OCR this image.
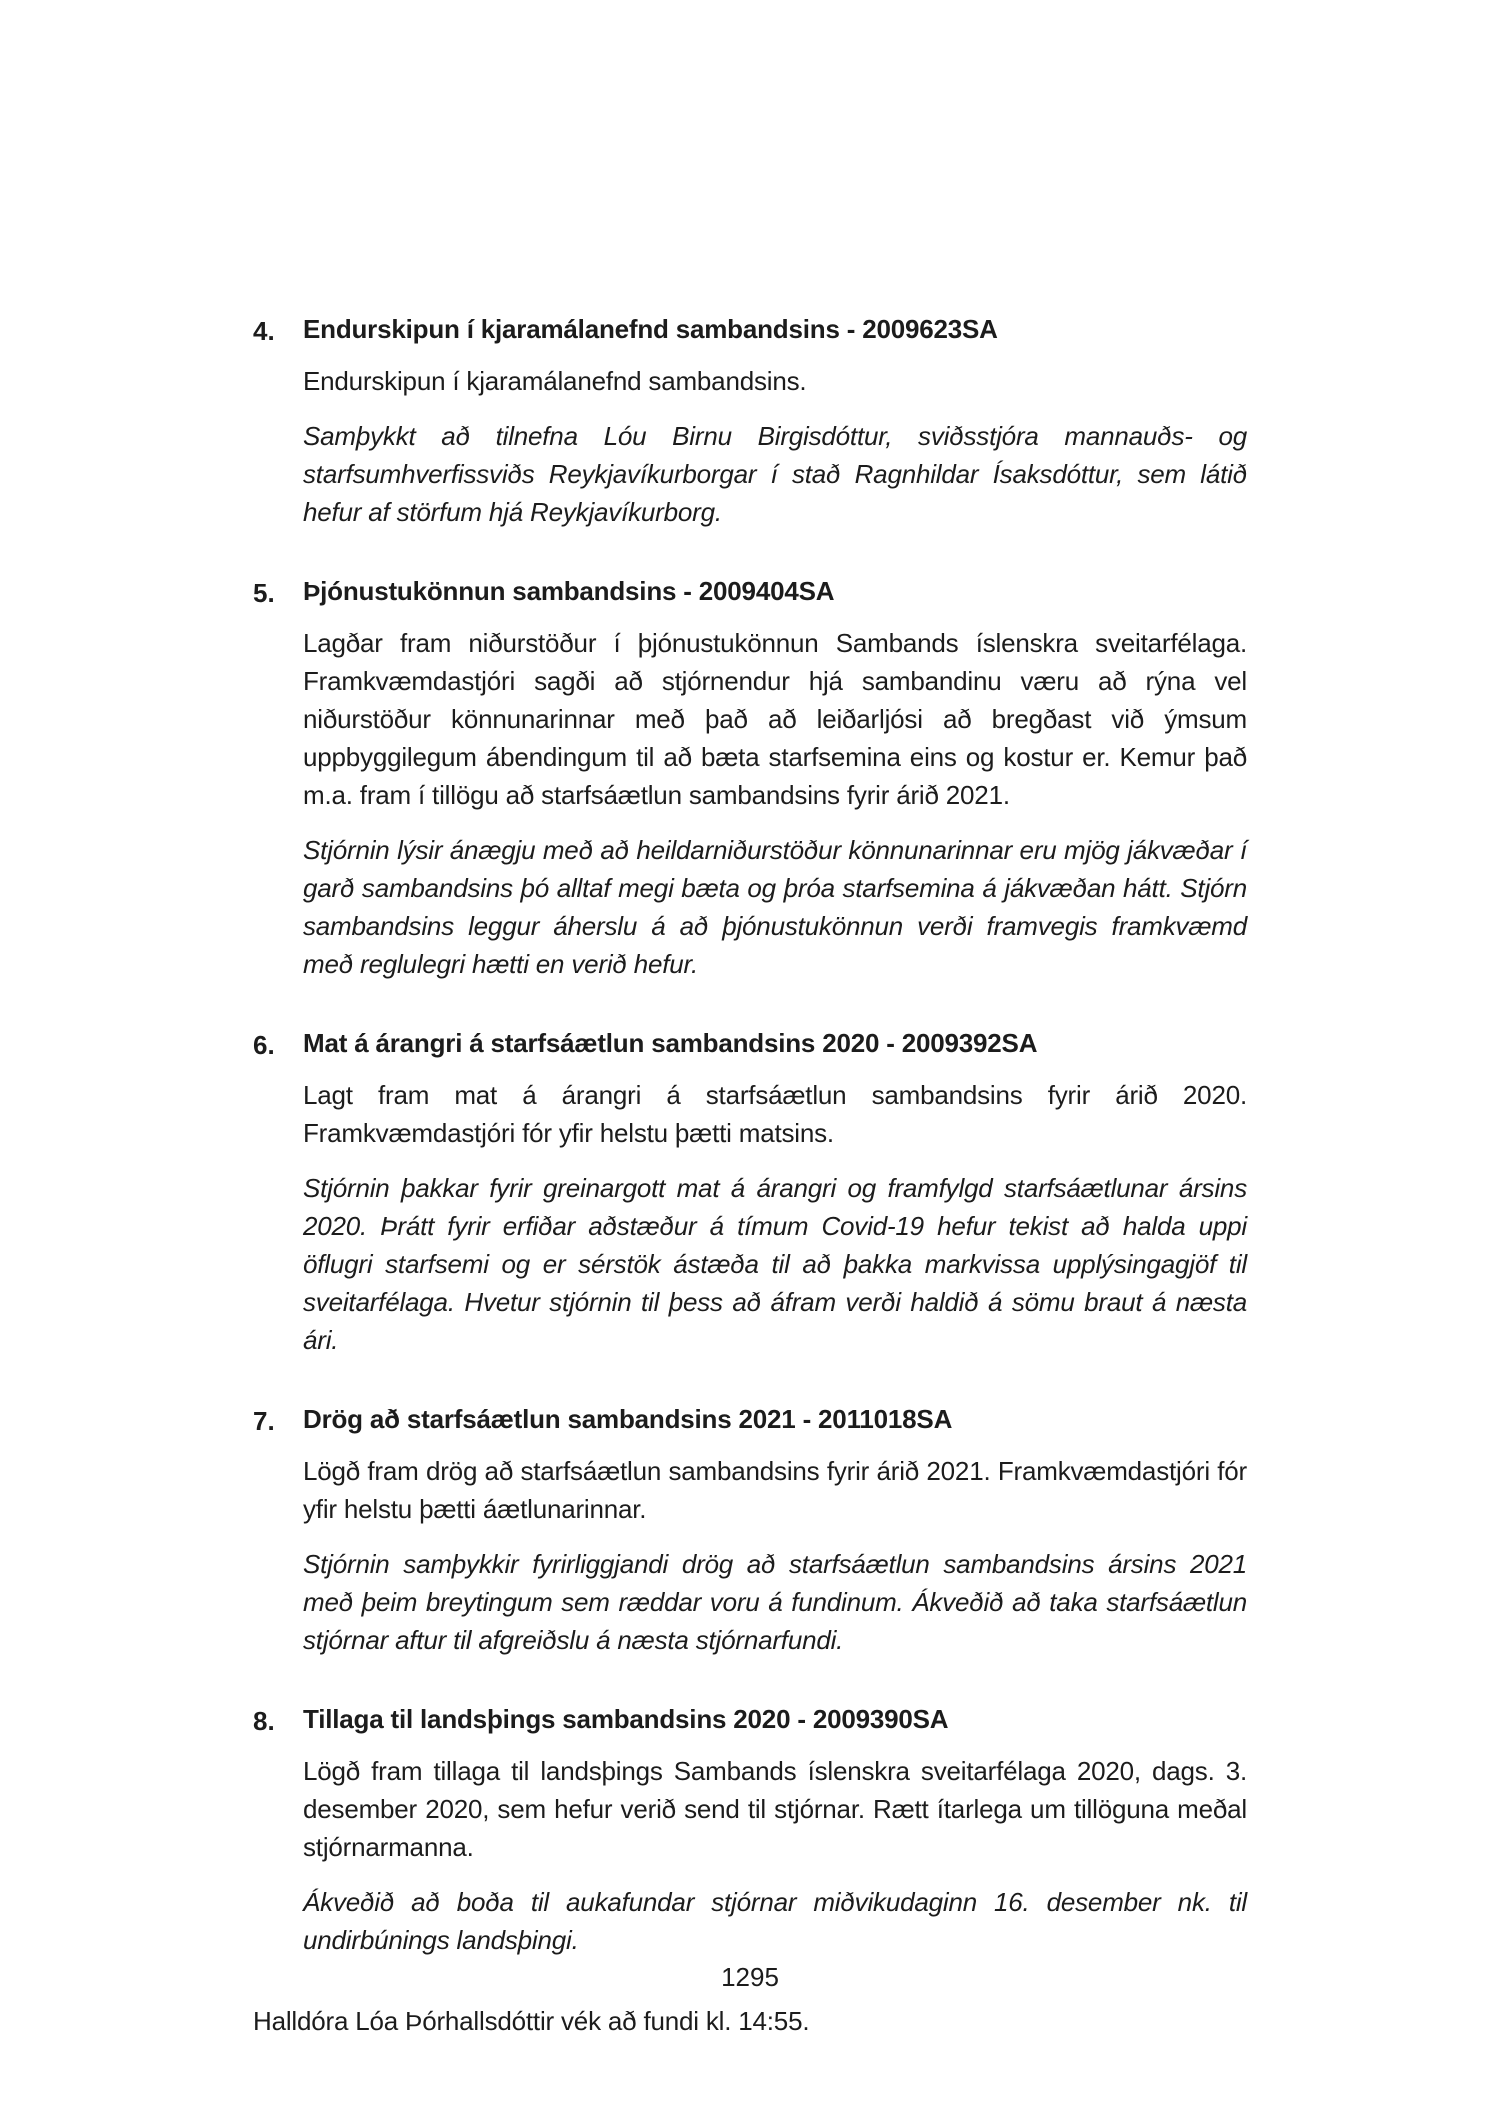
4.	Endurskipun í kjaramálanefnd sambandsins - 2009623SA
Endurskipun í kjaramálanefnd sambandsins.
Samþykkt að tilnefna Lóu Birnu Birgisdóttur, sviðsstjóra mannauðs- og starfsumhverfissviðs Reykjavíkurborgar í stað Ragnhildar Ísaksdóttur, sem látið hefur af störfum hjá Reykjavíkurborg.
5.	Þjónustukönnun sambandsins - 2009404SA
Lagðar fram niðurstöður í þjónustukönnun Sambands íslenskra sveitarfélaga. Framkvæmdastjóri sagði að stjórnendur hjá sambandinu væru að rýna vel niðurstöður könnunarinnar með það að leiðarljósi að bregðast við ýmsum uppbyggilegum ábendingum til að bæta starfsemina eins og kostur er. Kemur það m.a. fram í tillögu að starfsáætlun sambandsins fyrir árið 2021.
Stjórnin lýsir ánægju með að heildarniðurstöður könnunarinnar eru mjög jákvæðar í garð sambandsins þó alltaf megi bæta og þróa starfsemina á jákvæðan hátt. Stjórn sambandsins leggur áherslu á að þjónustukönnun verði framvegis framkvæmd með reglulegri hætti en verið hefur.
6.	Mat á árangri á starfsáætlun sambandsins 2020 - 2009392SA
Lagt fram mat á árangri á starfsáætlun sambandsins fyrir árið 2020. Framkvæmdastjóri fór yfir helstu þætti matsins.
Stjórnin þakkar fyrir greinargott mat á árangri og framfylgd starfsáætlunar ársins 2020. Þrátt fyrir erfiðar aðstæður á tímum Covid-19 hefur tekist að halda uppi öflugri starfsemi og er sérstök ástæða til að þakka markvissa upplýsingagjöf til sveitarfélaga. Hvetur stjórnin til þess að áfram verði haldið á sömu braut á næsta ári.
7.	Drög að starfsáætlun sambandsins 2021 - 2011018SA
Lögð fram drög að starfsáætlun sambandsins fyrir árið 2021. Framkvæmdastjóri fór yfir helstu þætti áætlunarinnar.
Stjórnin samþykkir fyrirliggjandi drög að starfsáætlun sambandsins ársins 2021 með þeim breytingum sem ræddar voru á fundinum. Ákveðið að taka starfsáætlun stjórnar aftur til afgreiðslu á næsta stjórnarfundi.
8.	Tillaga til landsþings sambandsins 2020 - 2009390SA
Lögð fram tillaga til landsþings Sambands íslenskra sveitarfélaga 2020, dags. 3. desember 2020, sem hefur verið send til stjórnar. Rætt ítarlega um tillöguna meðal stjórnarmanna.
Ákveðið að boða til aukafundar stjórnar miðvikudaginn 16. desember nk. til undirbúnings landsþingi.
Halldóra Lóa Þórhallsdóttir vék að fundi kl. 14:55.
1295
